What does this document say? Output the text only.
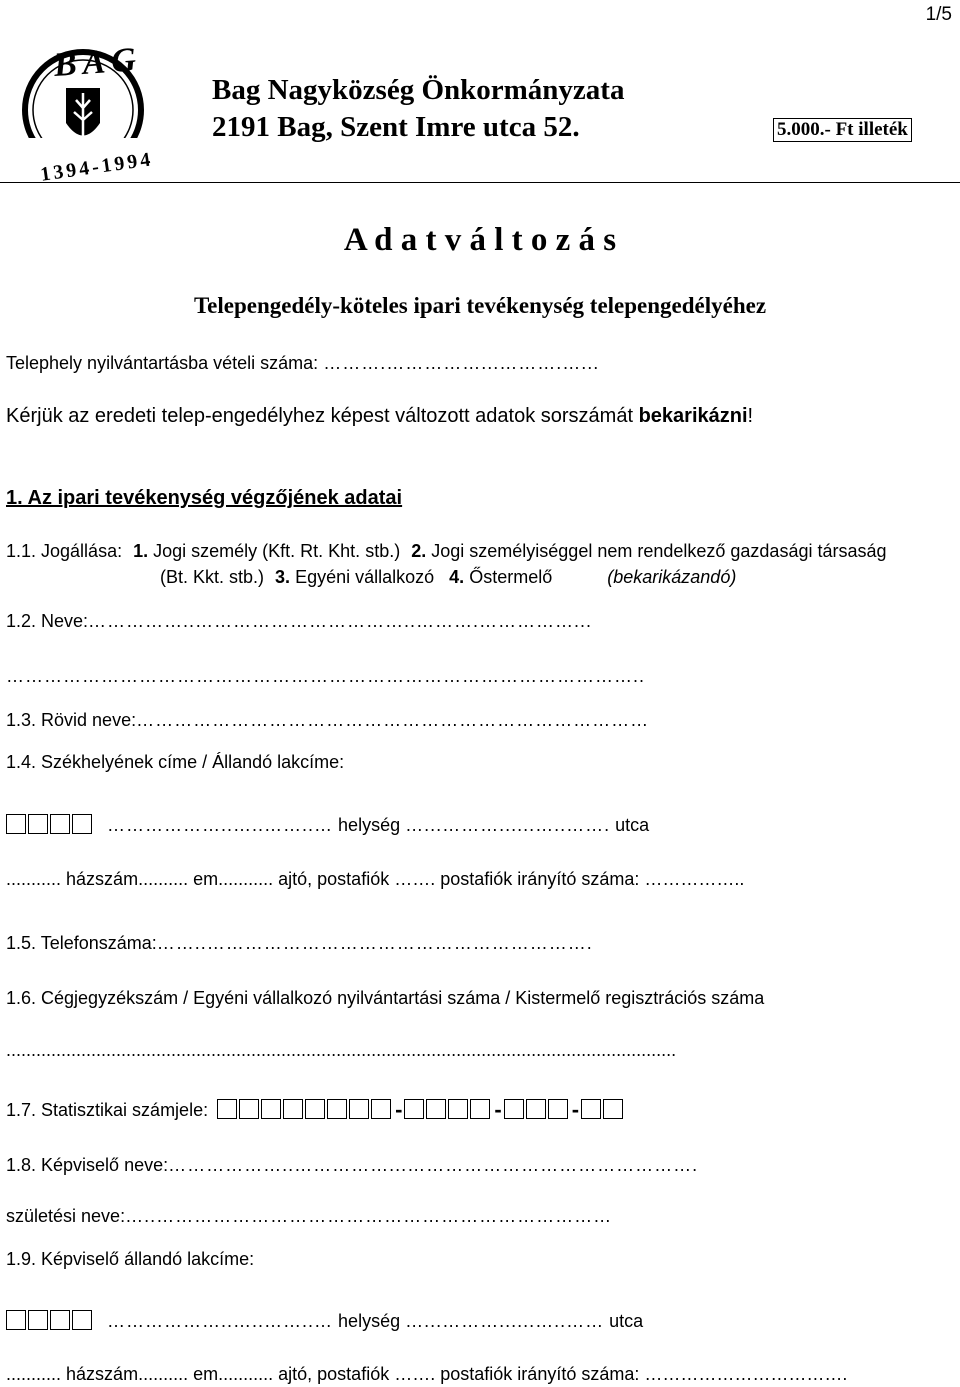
1/5
BAG
1394-1994
Bag Nagyközség Önkormányzata
2191 Bag, Szent Imre utca 52.	5.000.- Ft illeték
A d a t v á l t o z á s
Telepengedély-köteles ipari tevékenység telepengedélyéhez
Telephely nyilvántartásba vételi száma: ……….……………...……….…...
Kérjük az eredeti telep-engedélyhez képest változott adatok sorszámát bekarikázni!
1. Az ipari tevékenység végzőjének adatai
1.1. Jogállása: 1. Jogi személy (Kft. Rt. Kht. stb.) 2. Jogi személyiséggel nem rendelkező gazdasági társaság
(Bt. Kkt. stb.) 3. Egyéni vállalkozó 4. Őstermelő	(bekarikázandó)
1.2. Neve:……………..……………………………..……….……………...
………………………………………………………………………………………..
1.3. Rövid neve:………………………………………………………………………
1.4. Székhelyének címe / Állandó lakcíme:
………………..…..……..… helység …...………......…..……. utca
........... házszám.......... em........... ajtó, postafiók ……. postafiók irányító száma: ……………..
1.5. Telefonszáma:……..…………………………………………………….
1.6. Cégjegyzékszám / Egyéni vállalkozó nyilvántartási száma / Kistermelő regisztrációs száma
......................................................................................................................................
1.7. Statisztikai számjele:	-	-	-
1.8. Képviselő neve:………………..……………...……………………………………….
születési neve:…..………………………………………………………………
1.9. Képviselő állandó lakcíme:
………………..…..……..… helység …...………......…..…… utca
........... házszám.......... em........... ajtó, postafiók ……. postafiók irányító száma: …………………………….
